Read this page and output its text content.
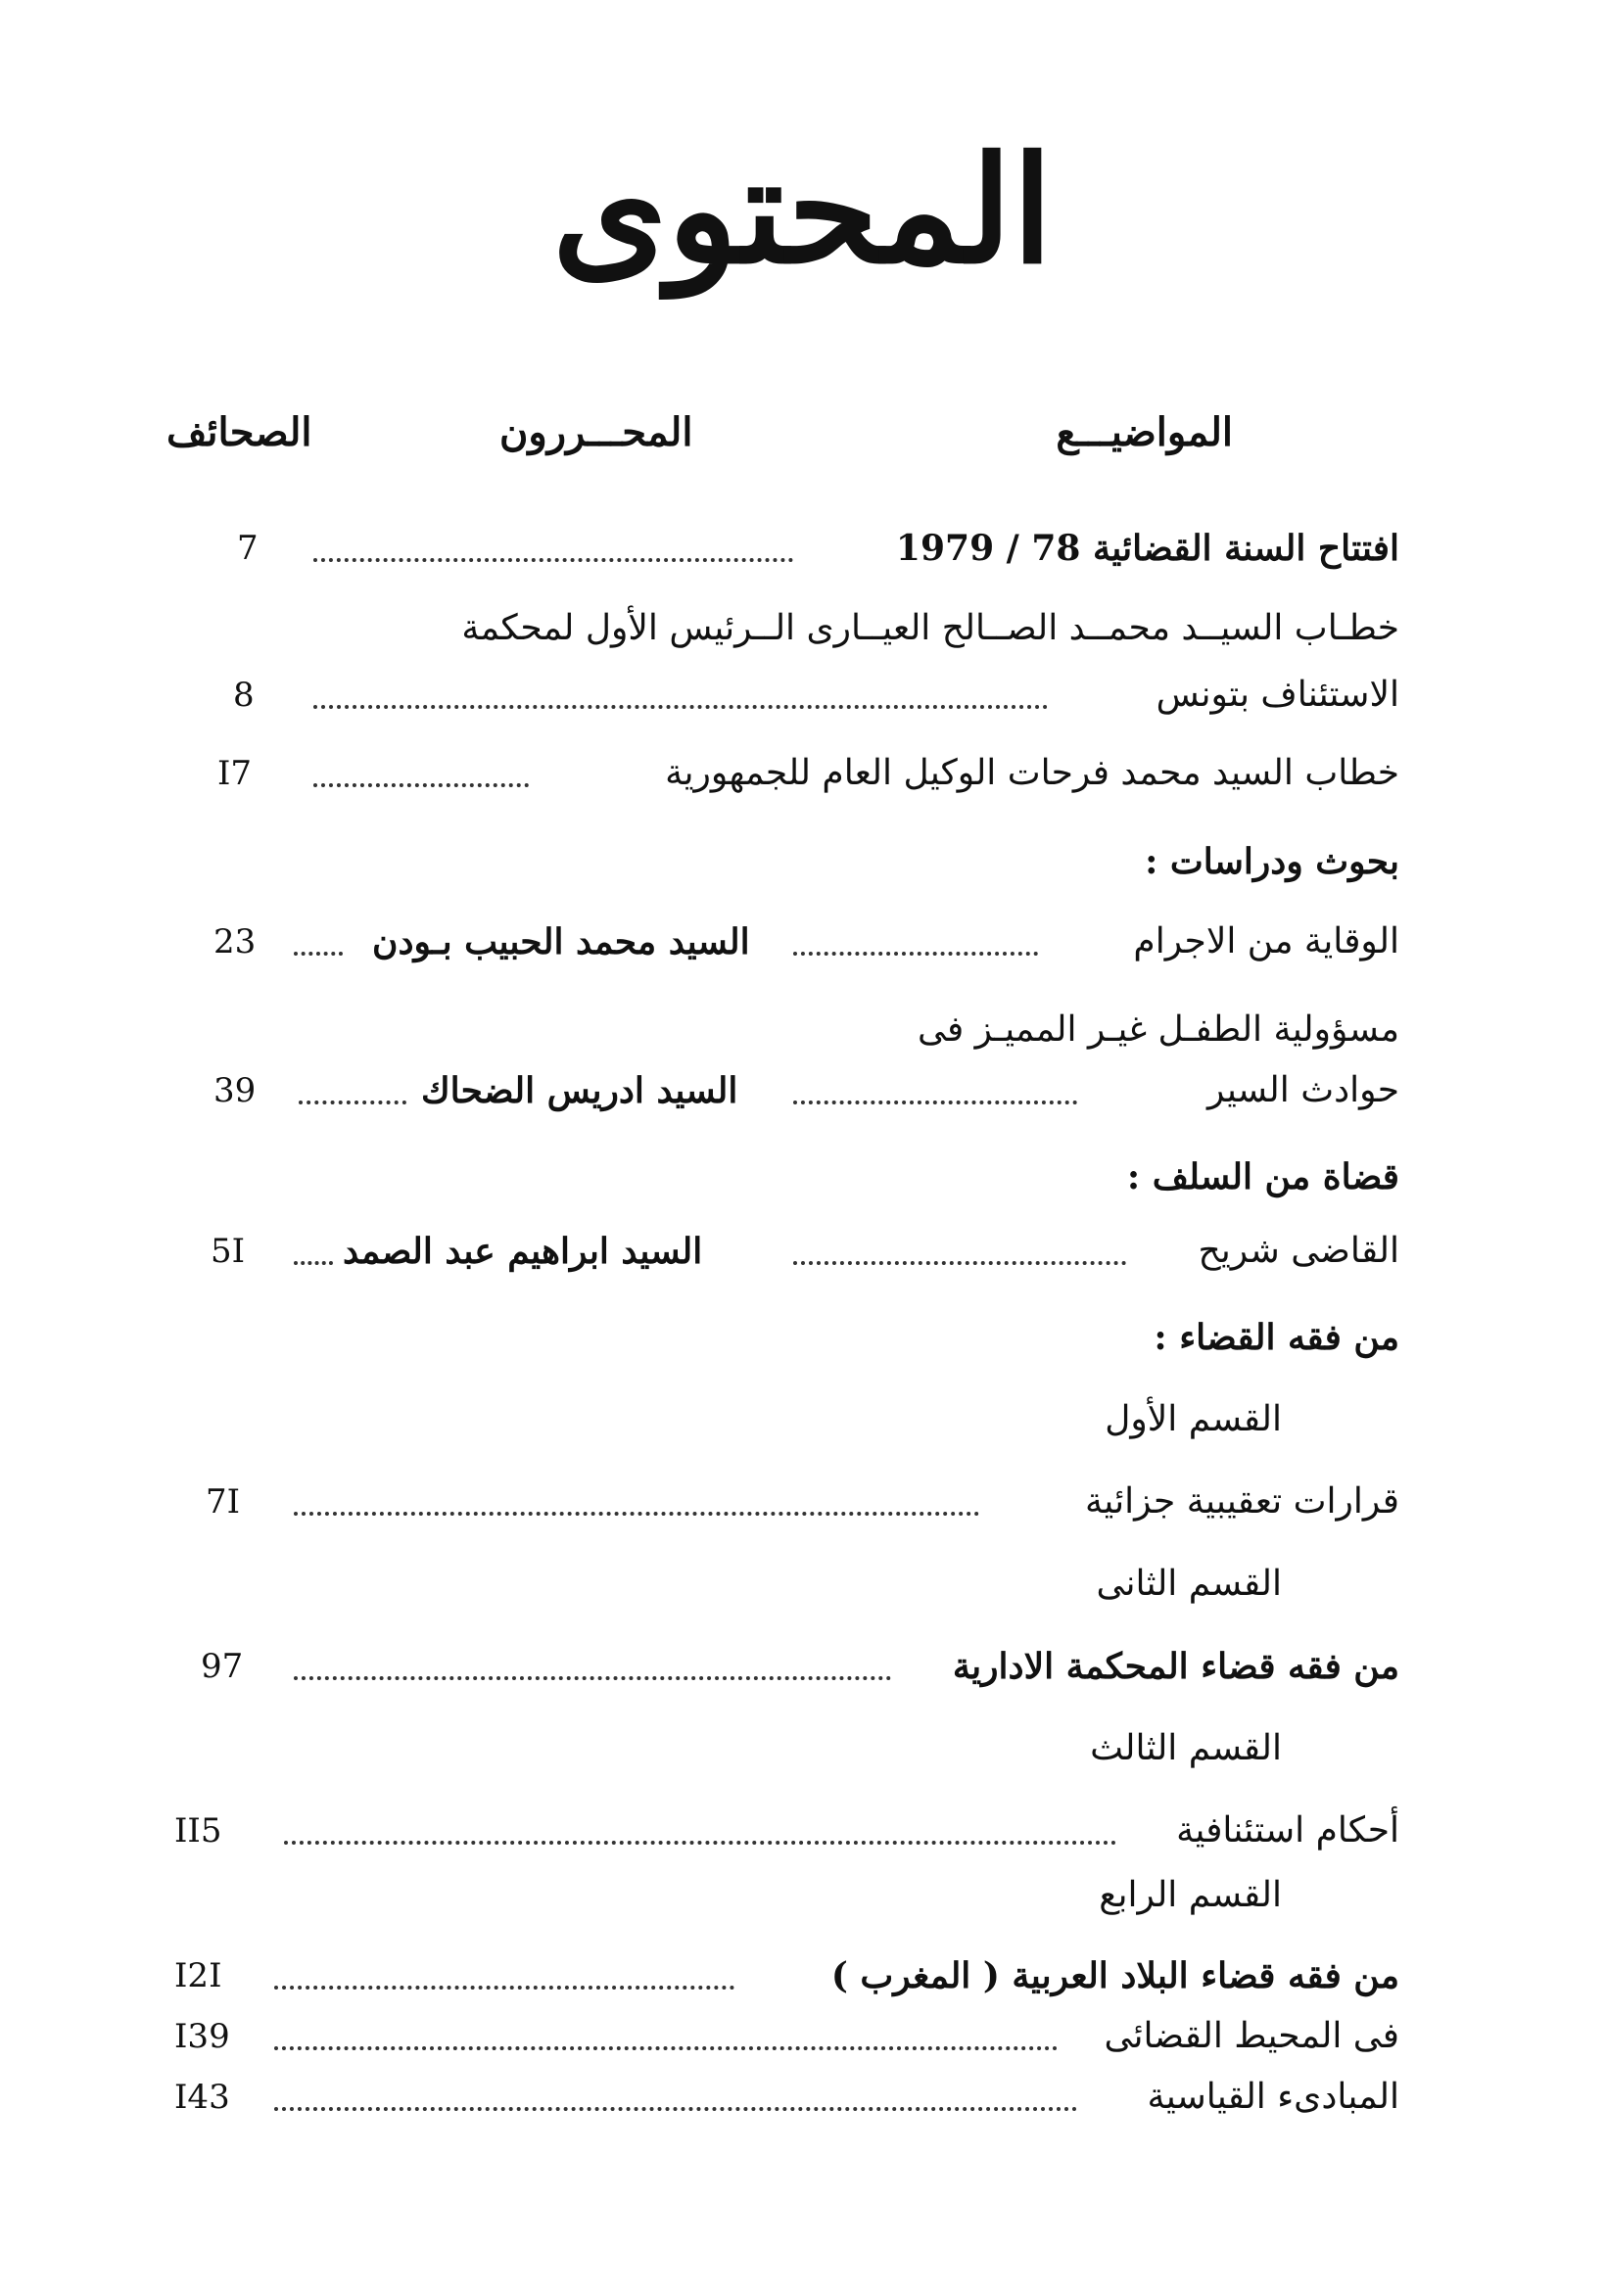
المحتوى
المواضيـــع
المحـــررون
الصحائف
افتتاح السنة القضائية 78 / 1979
7
خطـاب السيــد محمــد الصــالح العيــارى الــرئيس الأول لمحكمة
الاستئناف بتونس
8
خطاب السيد محمد فرحات الوكيل العام للجمهورية
I7
بحوث ودراسات :
الوقاية من الاجرام
السيد محمد الحبيب بـودن
23
مسؤولية الطفـل غيـر المميـز فى
حوادث السير
السيد ادريس الضحاك
39
قضاة من السلف :
القاضى شريح
السيد ابراهيم عبد الصمد
5I
من فقه القضاء :
القسم الأول
قرارات تعقيبية جزائية
7I
القسم الثانى
من فقه قضاء المحكمة الادارية
97
القسم الثالث
أحكام استئنافية
II5
القسم الرابع
من فقه قضاء البلاد العربية ( المغرب )
I2I
فى المحيط القضائى
I39
المبادىء القياسية
I43
